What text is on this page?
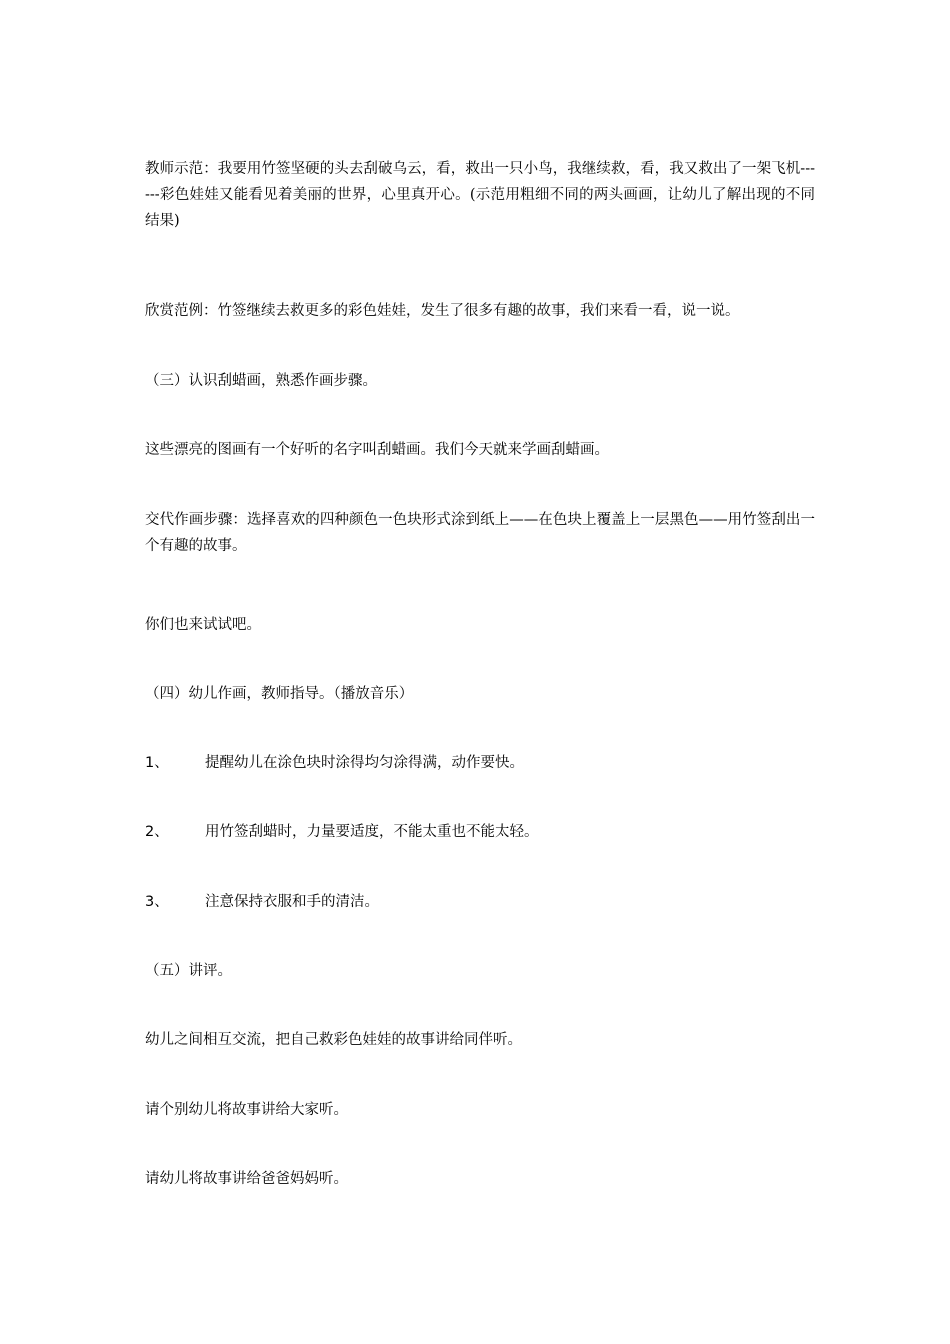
教师示范：我要用竹签坚硬的头去刮破乌云，看，救出一只小鸟，我继续救，看，我又救出了一架飞机------彩色娃娃又能看见着美丽的世界，心里真开心。(示范用粗细不同的两头画画，让幼儿了解出现的不同结果)
欣赏范例：竹签继续去救更多的彩色娃娃，发生了很多有趣的故事，我们来看一看，说一说。
（三）认识刮蜡画，熟悉作画步骤。
这些漂亮的图画有一个好听的名字叫刮蜡画。我们今天就来学画刮蜡画。
交代作画步骤：选择喜欢的四种颜色一色块形式涂到纸上——在色块上覆盖上一层黑色——用竹签刮出一个有趣的故事。
你们也来试试吧。
（四）幼儿作画，教师指导。（播放音乐）
1、	提醒幼儿在涂色块时涂得均匀涂得满，动作要快。
2、	用竹签刮蜡时，力量要适度，不能太重也不能太轻。
3、	注意保持衣服和手的清洁。
（五）讲评。
幼儿之间相互交流，把自己救彩色娃娃的故事讲给同伴听。
请个别幼儿将故事讲给大家听。
请幼儿将故事讲给爸爸妈妈听。
